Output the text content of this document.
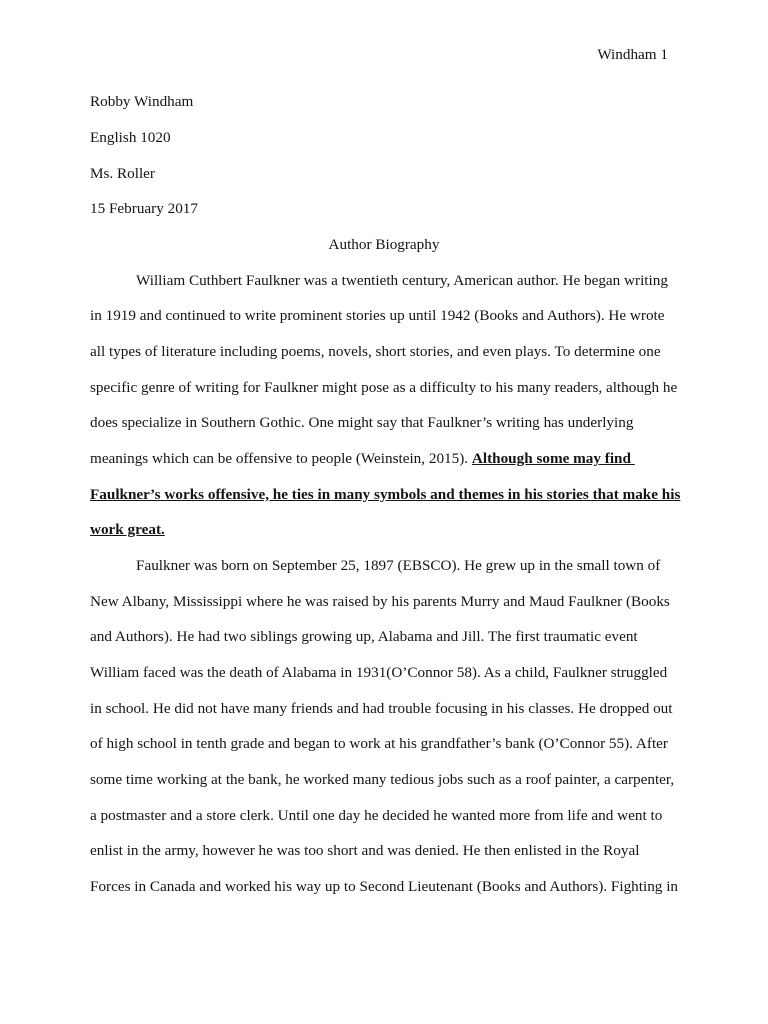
Windham 1
Robby Windham
English 1020
Ms. Roller
15 February 2017
Author Biography
William Cuthbert Faulkner was a twentieth century, American author. He began writing
in 1919 and continued to write prominent stories up until 1942 (Books and Authors). He wrote
all types of literature including poems, novels, short stories, and even plays. To determine one
specific genre of writing for Faulkner might pose as a difficulty to his many readers, although he
does specialize in Southern Gothic. One might say that Faulkner’s writing has underlying
meanings which can be offensive to people (Weinstein, 2015). Although some may find
Faulkner’s works offensive, he ties in many symbols and themes in his stories that make his
work great.
Faulkner was born on September 25, 1897 (EBSCO). He grew up in the small town of
New Albany, Mississippi where he was raised by his parents Murry and Maud Faulkner (Books
and Authors). He had two siblings growing up, Alabama and Jill. The first traumatic event
William faced was the death of Alabama in 1931(O’Connor 58). As a child, Faulkner struggled
in school. He did not have many friends and had trouble focusing in his classes. He dropped out
of high school in tenth grade and began to work at his grandfather’s bank (O’Connor 55). After
some time working at the bank, he worked many tedious jobs such as a roof painter, a carpenter,
a postmaster and a store clerk. Until one day he decided he wanted more from life and went to
enlist in the army, however he was too short and was denied. He then enlisted in the Royal
Forces in Canada and worked his way up to Second Lieutenant (Books and Authors). Fighting in
